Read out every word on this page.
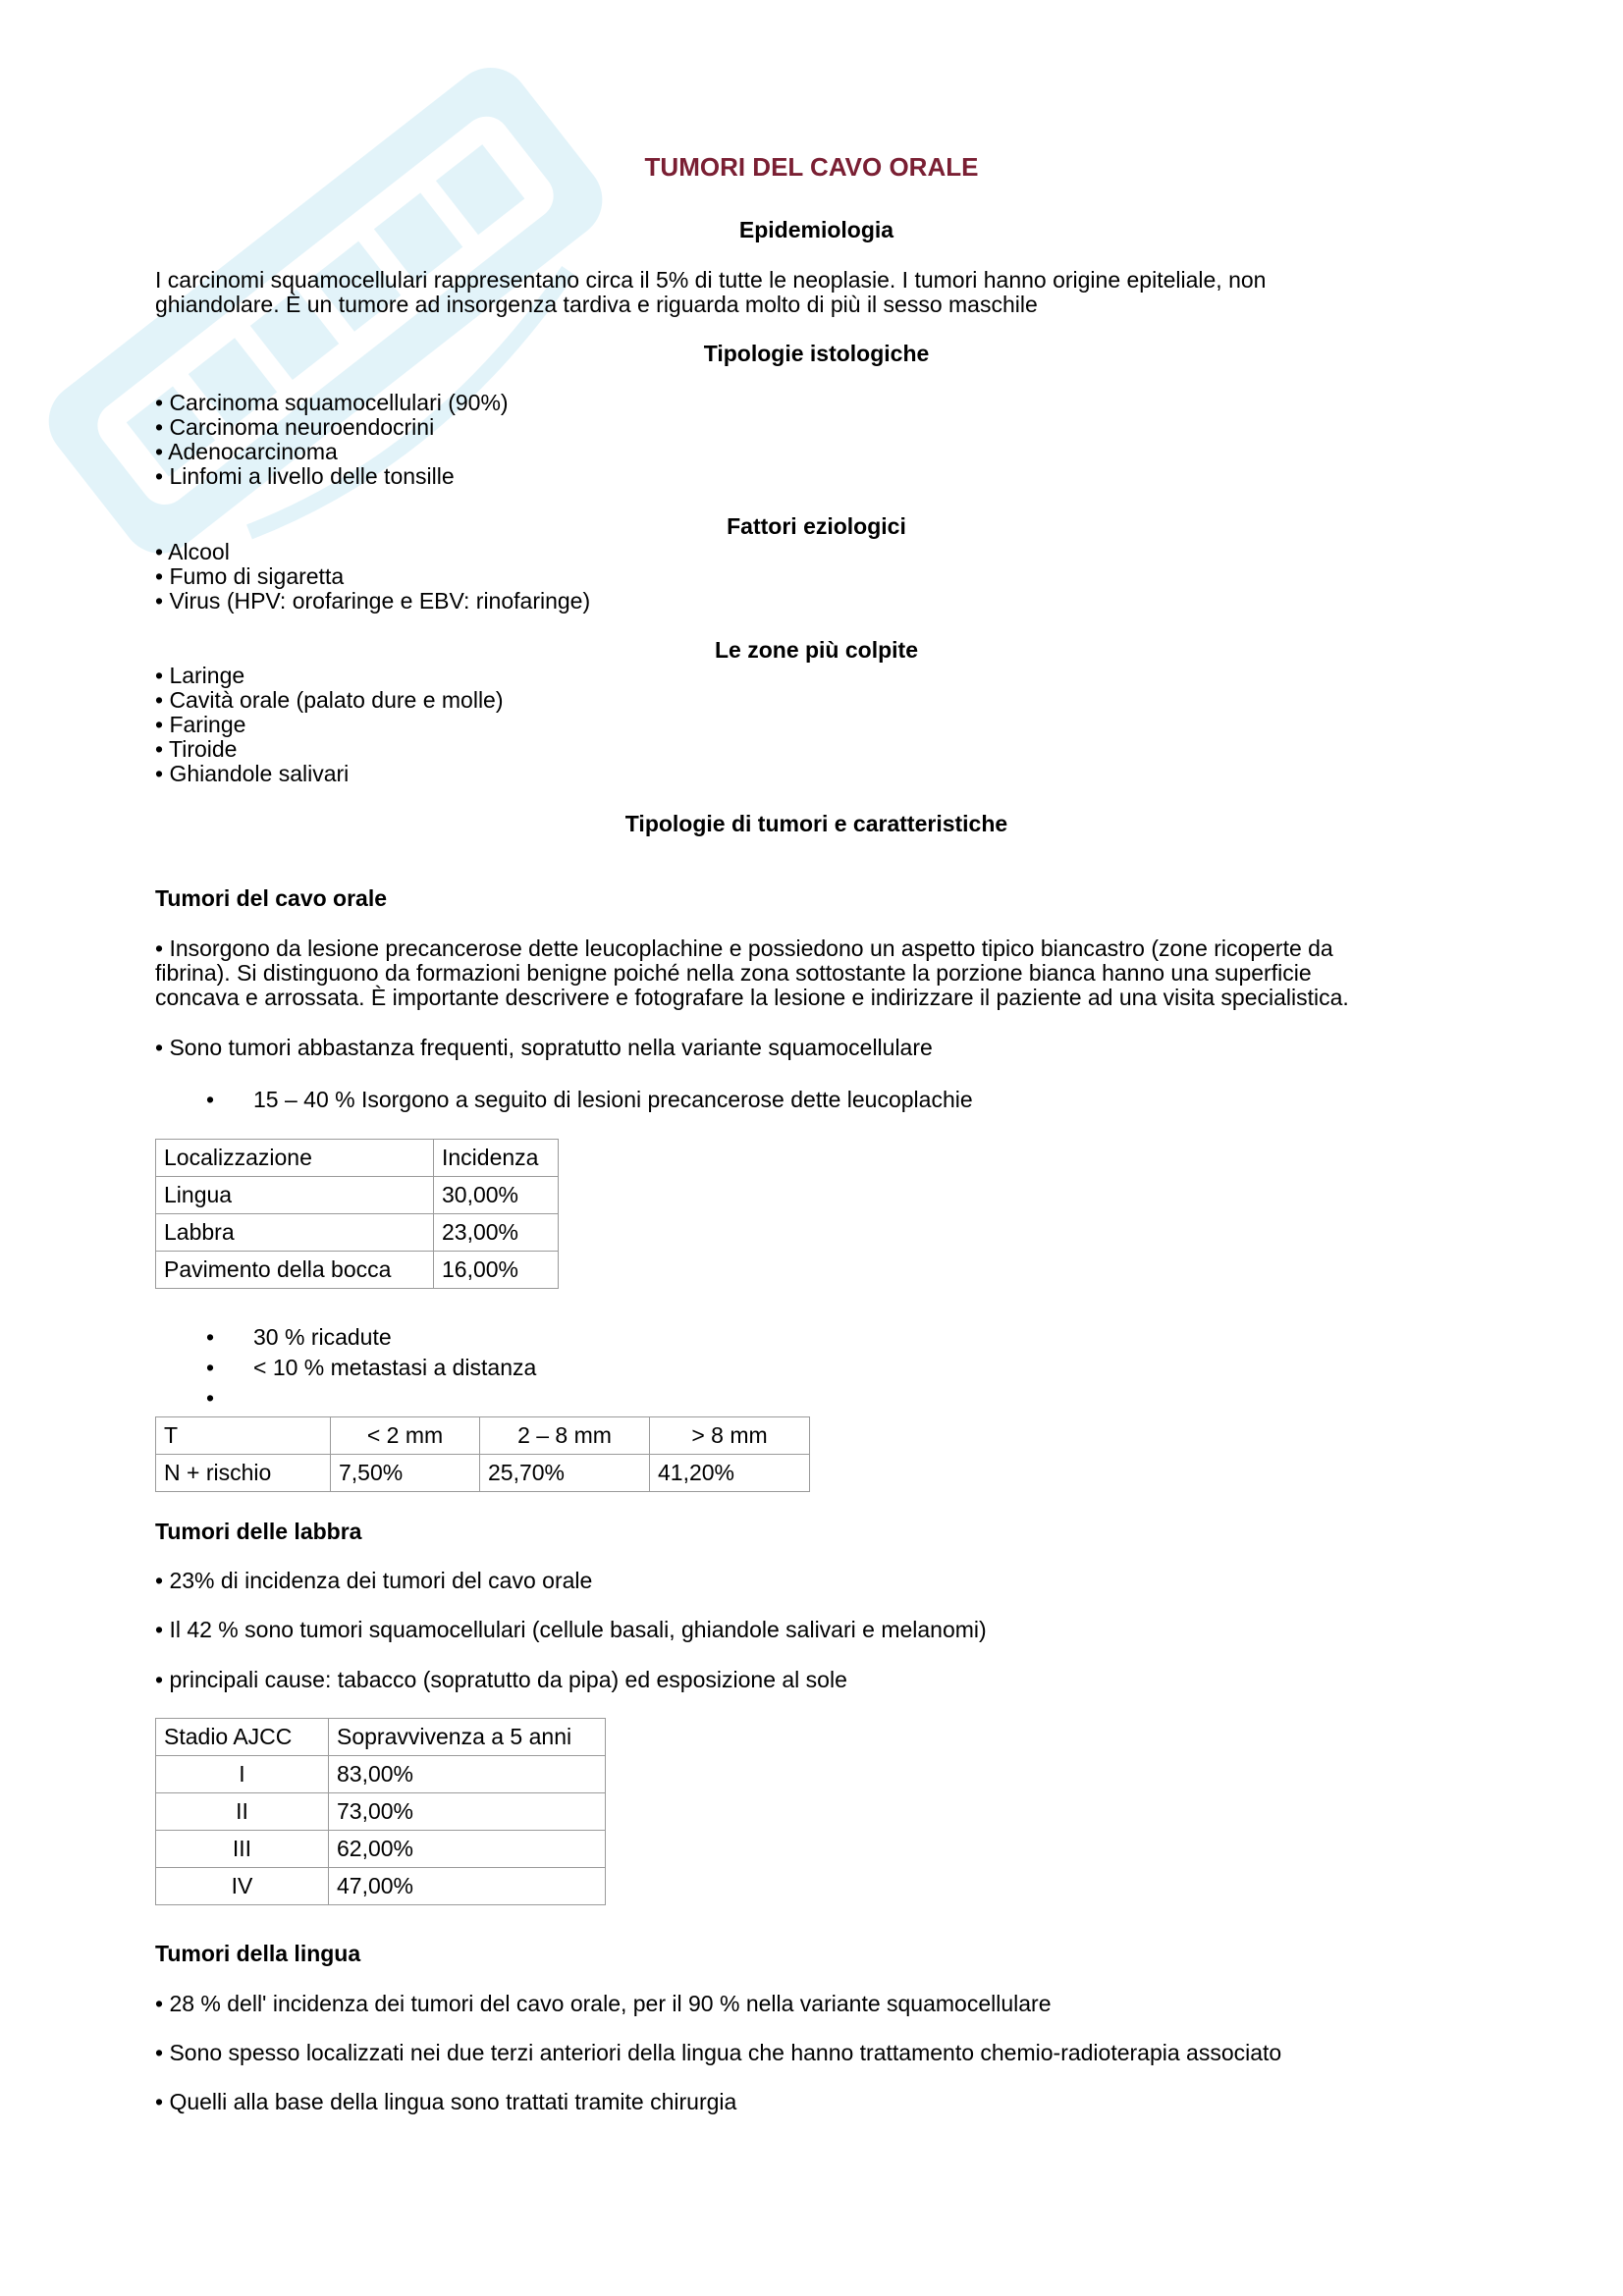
TUMORI DEL CAVO ORALE
Epidemiologia
I carcinomi squamocellulari rappresentano circa il 5% di tutte le neoplasie. I tumori hanno origine epiteliale, non
ghiandolare. È un tumore ad insorgenza tardiva e riguarda molto di più il sesso maschile
Tipologie istologiche
• Carcinoma squamocellulari (90%)
• Carcinoma neuroendocrini
• Adenocarcinoma
• Linfomi a livello delle tonsille
Fattori eziologici
• Alcool
• Fumo di sigaretta
• Virus (HPV: orofaringe e EBV: rinofaringe)
Le zone più colpite
• Laringe
• Cavità orale (palato dure e molle)
• Faringe
• Tiroide
• Ghiandole salivari
Tipologie di tumori e caratteristiche
Tumori del cavo orale
• Insorgono da lesione precancerose dette leucoplachine e possiedono un aspetto tipico biancastro (zone ricoperte da
fibrina). Si distinguono da formazioni benigne poiché nella zona sottostante la porzione bianca hanno una superficie
concava e arrossata. È importante descrivere e fotografare la lesione e indirizzare il paziente ad una visita specialistica.
• Sono tumori abbastanza frequenti, sopratutto nella variante squamocellulare
• 15 – 40 % Isorgono a seguito di lesioni precancerose dette leucoplachie
Localizzazione	Incidenza
Lingua	30,00%
Labbra	23,00%
Pavimento della bocca	16,00%
• 30 % ricadute
• < 10 % metastasi a distanza
•
T	< 2 mm	2 – 8 mm	> 8 mm
N + rischio	7,50%	25,70%	41,20%
Tumori delle labbra
• 23% di incidenza dei tumori del cavo orale
• Il 42 % sono tumori squamocellulari (cellule basali, ghiandole salivari e melanomi)
• principali cause: tabacco (sopratutto da pipa) ed esposizione al sole
Stadio AJCC	Sopravvivenza a 5 anni
I	83,00%
II	73,00%
III	62,00%
IV	47,00%
Tumori della lingua
• 28 % dell' incidenza dei tumori del cavo orale, per il 90 % nella variante squamocellulare
• Sono spesso localizzati nei due terzi anteriori della lingua che hanno trattamento chemio-radioterapia associato
• Quelli alla base della lingua sono trattati tramite chirurgia
